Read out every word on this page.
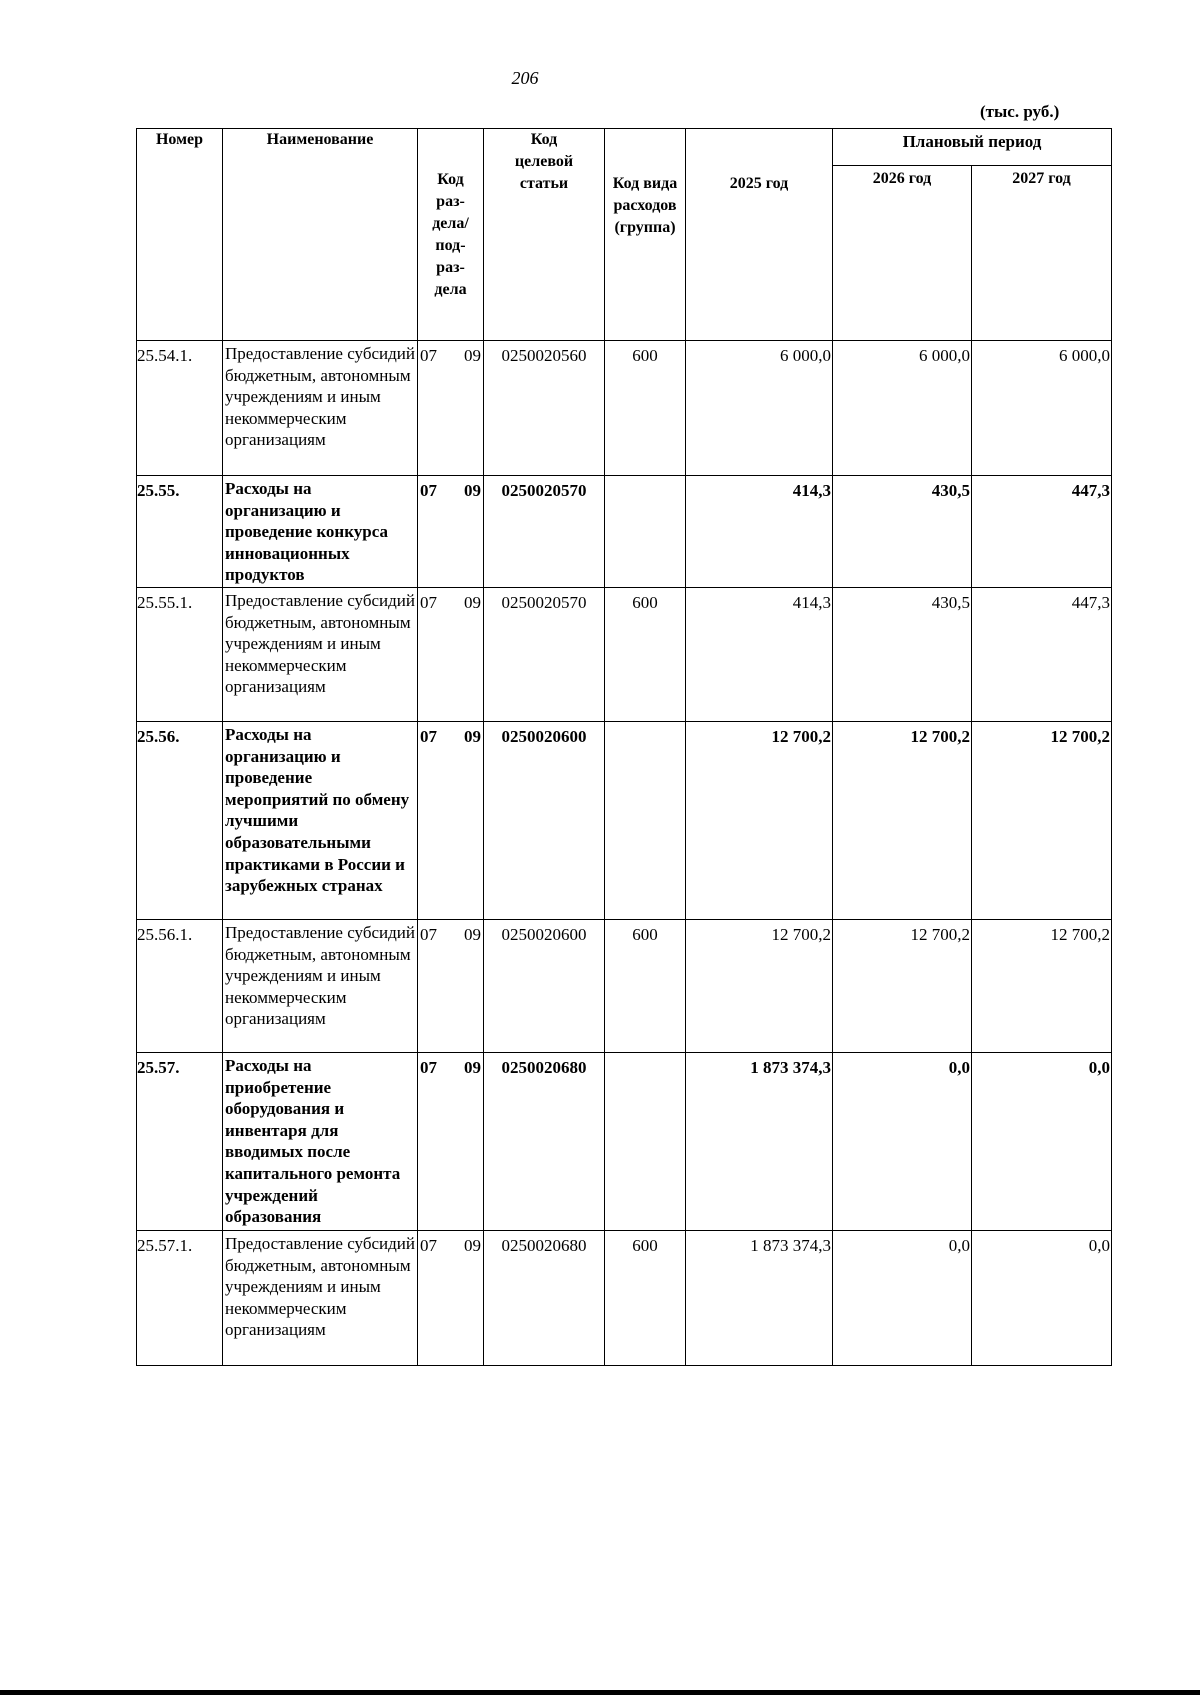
206
(тыс. руб.)
Номер	Наименование	Код раз-дела/ под-раз-дела	Код целевой статьи	Код вида расходов (группа)	2025 год	Плановый период	
						2026 год	2027 год
25.54.1.	Предоставление субсидий бюджетным, автономным учреждениям и иным некоммерческим организациям	07 09	0250020560	600	6 000,0	6 000,0	6 000,0
25.55.	Расходы на организацию и проведение конкурса инновационных продуктов	07 09	0250020570		414,3	430,5	447,3
25.55.1.	Предоставление субсидий бюджетным, автономным учреждениям и иным некоммерческим организациям	07 09	0250020570	600	414,3	430,5	447,3
25.56.	Расходы на организацию и проведение мероприятий по обмену лучшими образовательными практиками в России и зарубежных странах	07 09	0250020600		12 700,2	12 700,2	12 700,2
25.56.1.	Предоставление субсидий бюджетным, автономным учреждениям и иным некоммерческим организациям	07 09	0250020600	600	12 700,2	12 700,2	12 700,2
25.57.	Расходы на приобретение оборудования и инвентаря для вводимых после капитального ремонта учреждений образования	07 09	0250020680		1 873 374,3	0,0	0,0
25.57.1.	Предоставление субсидий бюджетным, автономным учреждениям и иным некоммерческим организациям	07 09	0250020680	600	1 873 374,3	0,0	0,0
